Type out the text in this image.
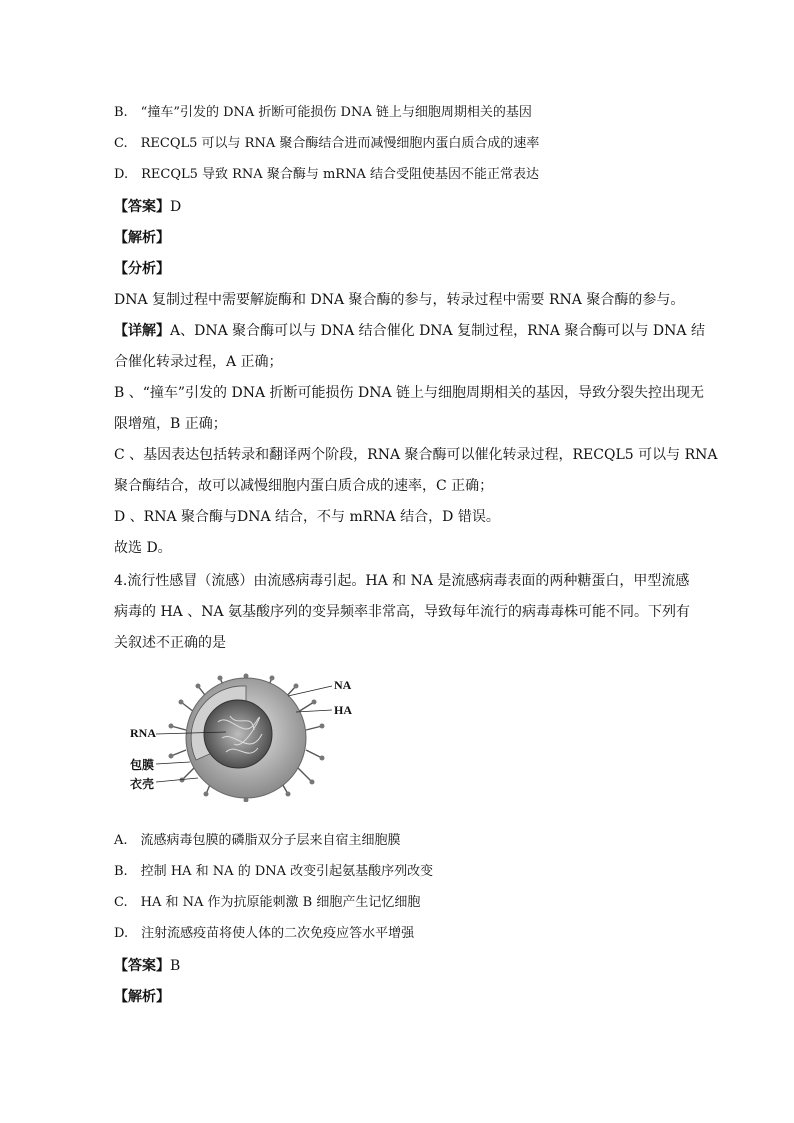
B.　“撞车”引发的 DNA 折断可能损伤 DNA 链上与细胞周期相关的基因
C.　RECQL5 可以与 RNA 聚合酶结合进而减慢细胞内蛋白质合成的速率
D.　RECQL5 导致 RNA 聚合酶与 mRNA 结合受阻使基因不能正常表达
【答案】D
【解析】
【分析】
DNA 复制过程中需要解旋酶和 DNA 聚合酶的参与，转录过程中需要 RNA 聚合酶的参与。
【详解】A、DNA 聚合酶可以与 DNA 结合催化 DNA 复制过程，RNA 聚合酶可以与 DNA 结
合催化转录过程，A 正确；
B 、“撞车”引发的 DNA 折断可能损伤 DNA 链上与细胞周期相关的基因，导致分裂失控出现无
限增殖，B 正确；
C 、基因表达包括转录和翻译两个阶段，RNA 聚合酶可以催化转录过程，RECQL5 可以与 RNA
聚合酶结合，故可以减慢细胞内蛋白质合成的速率，C 正确；
D 、RNA 聚合酶与DNA 结合，不与 mRNA 结合，D 错误。
故选 D。
4.流行性感冒（流感）由流感病毒引起。HA 和 NA 是流感病毒表面的两种糖蛋白，甲型流感
病毒的 HA 、NA 氨基酸序列的变异频率非常高，导致每年流行的病毒毒株可能不同。下列有
关叙述不正确的是
NA
HA
RNA
包膜
衣壳
A.　流感病毒包膜的磷脂双分子层来自宿主细胞膜
B.　控制 HA 和 NA 的 DNA 改变引起氨基酸序列改变
C.　HA 和 NA 作为抗原能刺激 B 细胞产生记忆细胞
D.　注射流感疫苗将使人体的二次免疫应答水平增强
【答案】B
【解析】
